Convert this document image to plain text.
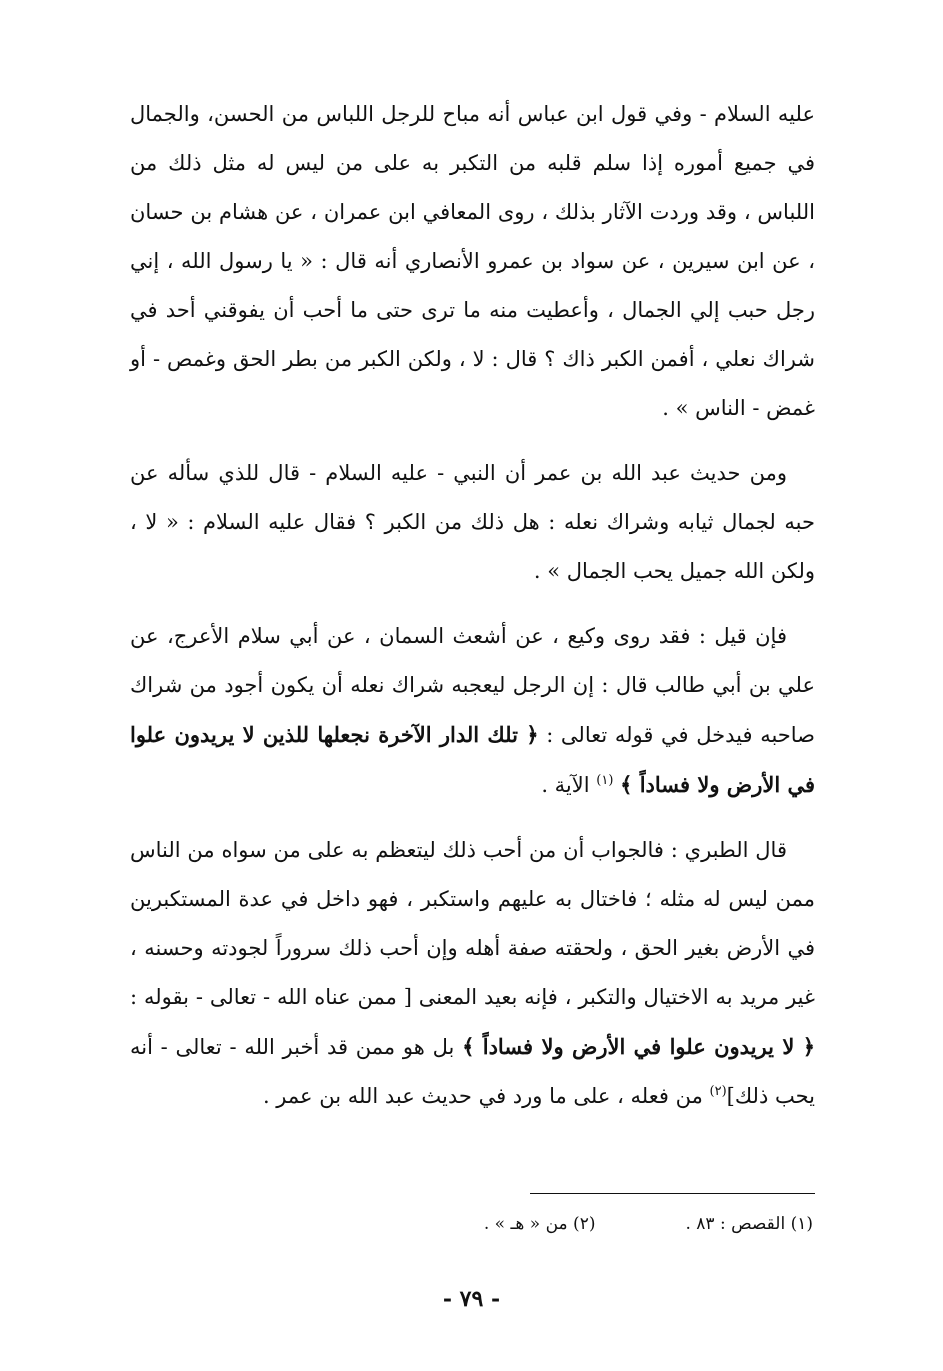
عليه السلام - وفي قول ابن عباس أنه مباح للرجل اللباس من الحسن، والجمال في جميع أموره إذا سلم قلبه من التكبر به على من ليس له مثل ذلك من اللباس ، وقد وردت الآثار بذلك ، روى المعافي ابن عمران ، عن هشام بن حسان ، عن ابن سيرين ، عن سواد بن عمرو الأنصاري أنه قال : « يا رسول الله ، إني رجل حبب إلي الجمال ، وأعطيت منه ما ترى حتى ما أحب أن يفوقني أحد في شراك نعلي ، أفمن الكبر ذاك ؟ قال : لا ، ولكن الكبر من بطر الحق وغمص - أو غمض - الناس » .

ومن حديث عبد الله بن عمر أن النبي - عليه السلام - قال للذي سأله عن حبه لجمال ثيابه وشراك نعله : هل ذلك من الكبر ؟ فقال عليه السلام : « لا ، ولكن الله جميل يحب الجمال » .

فإن قيل : فقد روى وكيع ، عن أشعث السمان ، عن أبي سلام الأعرج، عن علي بن أبي طالب قال : إن الرجل ليعجبه شراك نعله أن يكون أجود من شراك صاحبه فيدخل في قوله تعالى : ﴿ تلك الدار الآخرة نجعلها للذين لا يريدون علوا في الأرض ولا فساداً ﴾ $^{(١)}$ الآية .

قال الطبري : فالجواب أن من أحب ذلك ليتعظم به على من سواه من الناس ممن ليس له مثله ؛ فاختال به عليهم واستكبر ، فهو داخل في عدة المستكبرين في الأرض بغير الحق ، ولحقته صفة أهله وإن أحب ذلك سروراً لجودته وحسنه ، غير مريد به الاختيال والتكبر ، فإنه بعيد المعنى [ ممن عناه الله - تعالى - بقوله : ﴿ لا يريدون علوا في الأرض ولا فساداً ﴾ بل هو ممن قد أخبر الله - تعالى - أنه يحب ذلك]$^{(٢)}$ من فعله ، على ما ورد في حديث عبد الله بن عمر .

(١) القصص : ٨٣ .
(٢) من « هـ » .
- ٧٩ -
